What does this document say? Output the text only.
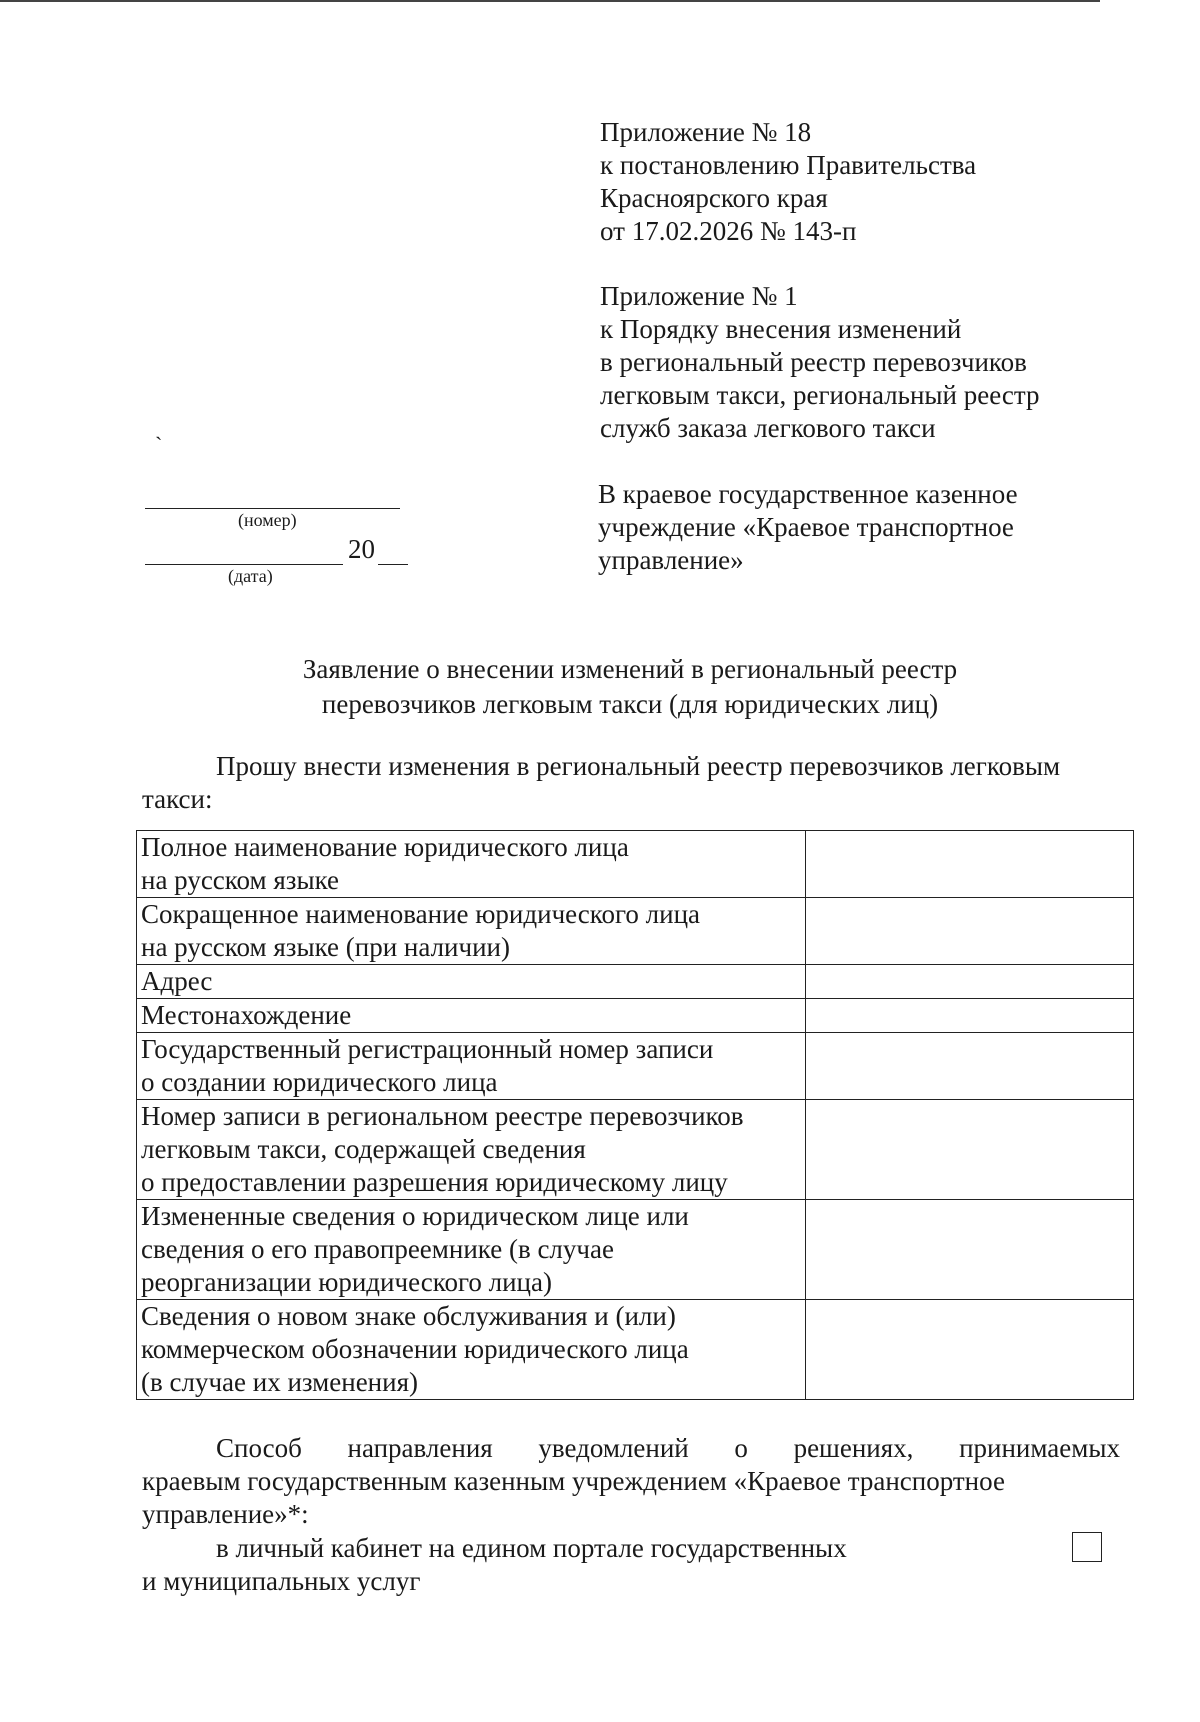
Приложение № 18
к постановлению Правительства
Красноярского края
от 17.02.2026 № 143-п
Приложение № 1
к Порядку внесения изменений
в региональный реестр перевозчиков
легковым такси, региональный реестр
служб заказа легкового такси
ˋ
В краевое государственное казенное
учреждение «Краевое транспортное
управление»
(номер)
20
(дата)
Заявление о внесении изменений в региональный реестр
перевозчиков легковым такси (для юридических лиц)
Прошу внести изменения в региональный реестр перевозчиков легковым такси:
Полное наименование юридического лица
на русском языке	

Сокращенное наименование юридического лица
на русском языке (при наличии)	

Адрес	

Местонахождение	

Государственный регистрационный номер записи
о создании юридического лица	

Номер записи в региональном реестре перевозчиков
легковым такси, содержащей сведения
о предоставлении разрешения юридическому лицу	

Измененные сведения о юридическом лице или
сведения о его правопреемнике (в случае
реорганизации юридического лица)	

Сведения о новом знаке обслуживания и (или)
коммерческом обозначении юридического лица
(в случае их изменения)	

Способ направления уведомлений о решениях, принимаемых
краевым государственным казенным учреждением «Краевое транспортное
управление»*:
в личный кабинет на едином портале государственных
и муниципальных услуг
